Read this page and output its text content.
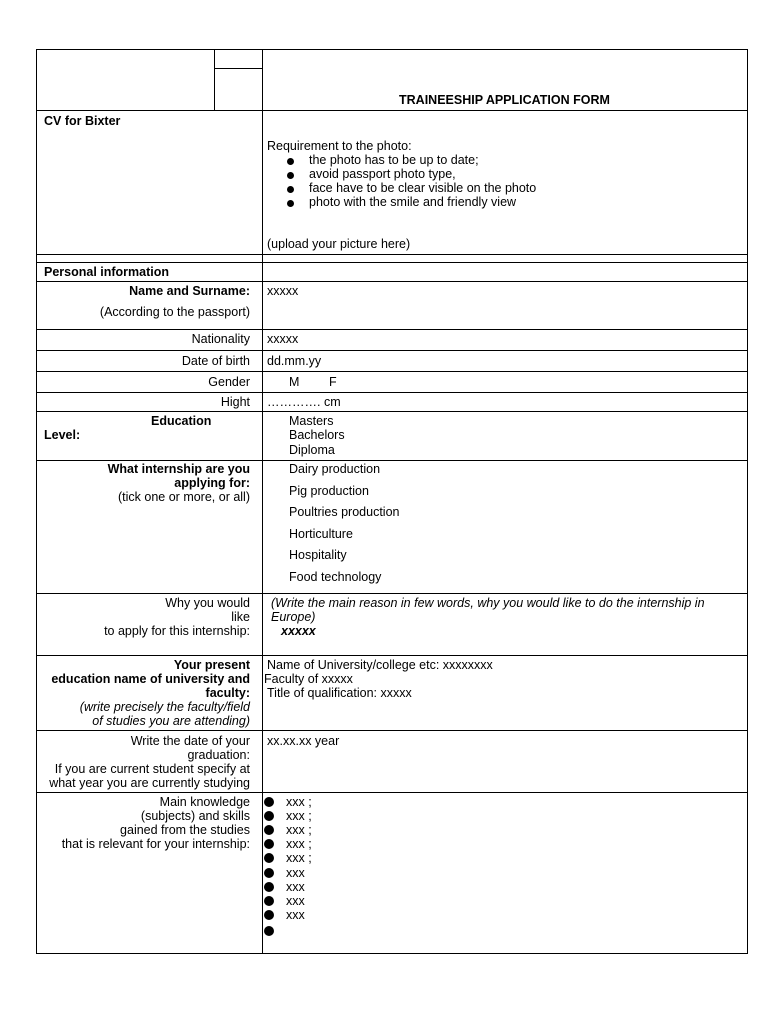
TRAINEESHIP APPLICATION FORM
CV for Bixter
Requirement to the photo:
the photo has to be up to date;
avoid passport photo type,
face have to be clear visible on the photo
photo with the smile and friendly view
(upload your picture here)
Personal information
Name and Surname:
(According to the passport)
xxxxx
Nationality xxxxx
Date of birth dd.mm.yy
Gender	M F
Hight …………. cm
Education
Level:
Masters
Bachelors
Diploma
What internship are you
applying for:
(tick one or more, or all)
Dairy production
Pig production
Poultries production
Horticulture
Hospitality
Food technology
Why you would
like
to apply for this internship:
(Write the main reason in few words, why you would like to do the internship in
Europe)
xxxxx
Your present
education name of university and
faculty:
(write precisely the faculty/field
of studies you are attending)
Name of University/college etc: xxxxxxxx
Faculty of xxxxx
Title of qualification: xxxxx
Write the date of your
graduation:
If you are current student specify at
what year you are currently studying
xx.xx.xx year
Main knowledge
(subjects) and skills
gained from the studies
that is relevant for your internship:
xxx ;
xxx ;
xxx ;
xxx ;
xxx ;
xxx
xxx
xxx
xxx
